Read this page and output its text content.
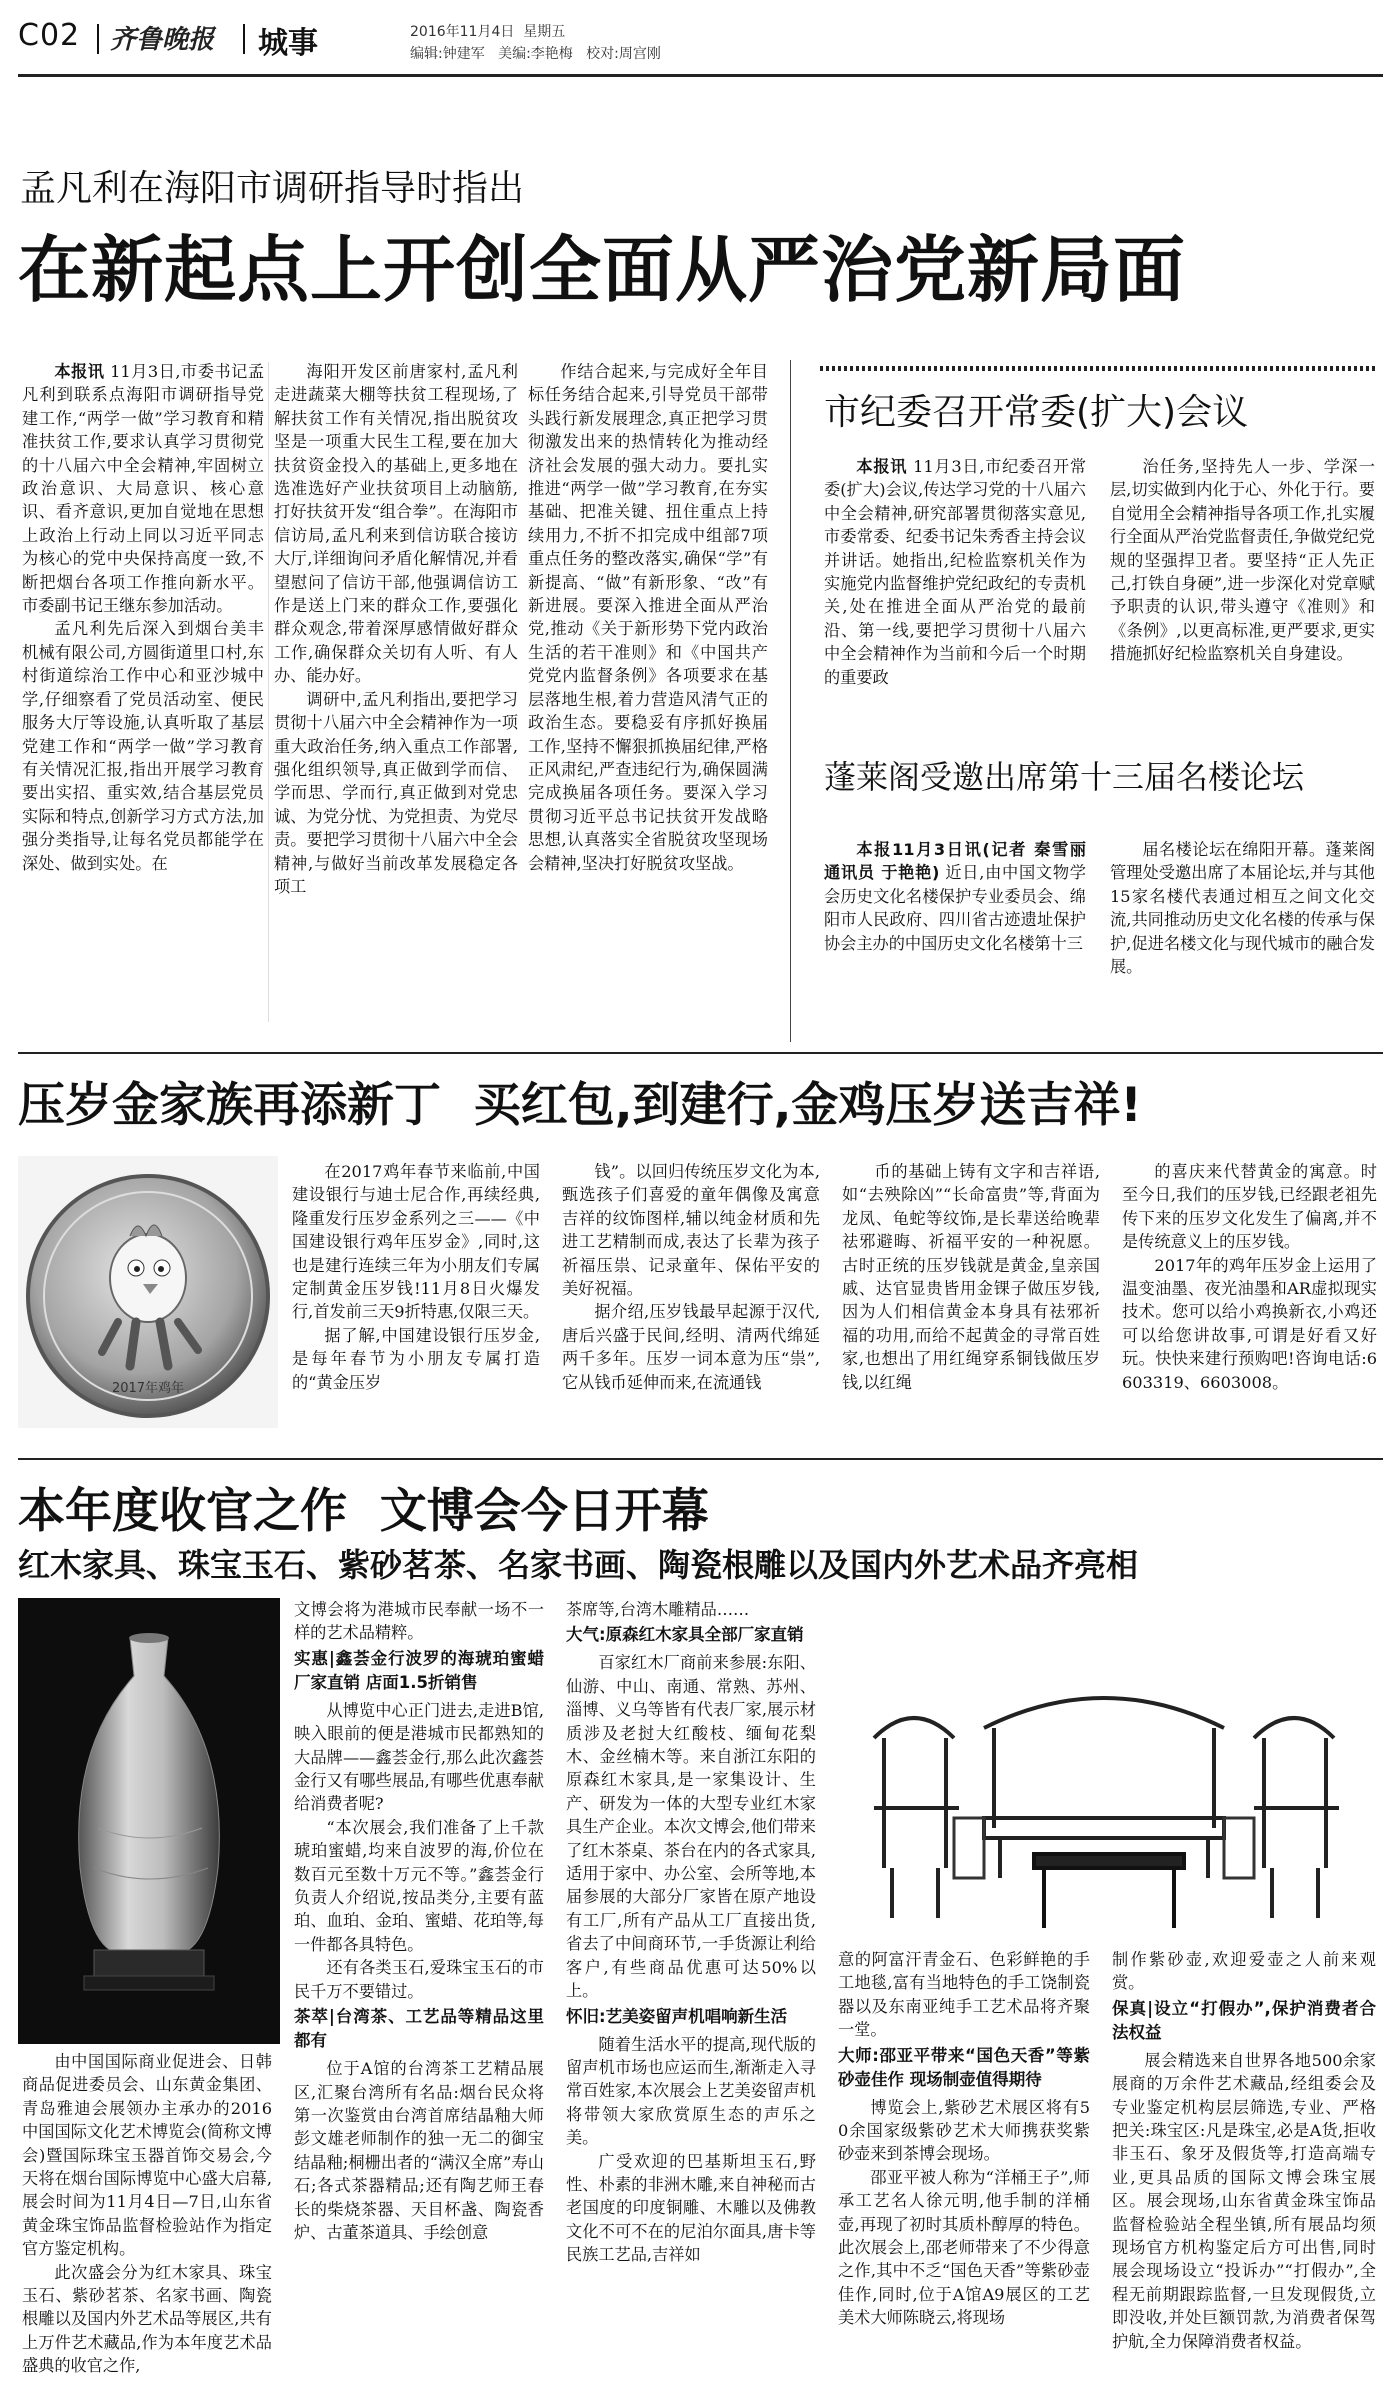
C02 齐鲁晚报 城事	2016年11月4日  星期五
编辑:钟建军   美编:李艳梅   校对:周宫刚
孟凡利在海阳市调研指导时指出
在新起点上开创全面从严治党新局面

本报讯 11月3日,市委书记孟凡利到联系点海阳市调研指导党建工作,“两学一做”学习教育和精准扶贫工作,要求认真学习贯彻党的十八届六中全会精神,牢固树立政治意识、大局意识、核心意识、看齐意识,更加自觉地在思想上政治上行动上同以习近平同志为核心的党中央保持高度一致,不断把烟台各项工作推向新水平。市委副书记王继东参加活动。

孟凡利先后深入到烟台美丰机械有限公司,方圆街道里口村,东村街道综治工作中心和亚沙城中学,仔细察看了党员活动室、便民服务大厅等设施,认真听取了基层党建工作和“两学一做”学习教育有关情况汇报,指出开展学习教育要出实招、重实效,结合基层党员实际和特点,创新学习方式方法,加强分类指导,让每名党员都能学在深处、做到实处。在

海阳开发区前唐家村,孟凡利走进蔬菜大棚等扶贫工程现场,了解扶贫工作有关情况,指出脱贫攻坚是一项重大民生工程,要在加大扶贫资金投入的基础上,更多地在选准选好产业扶贫项目上动脑筋,打好扶贫开发“组合拳”。在海阳市信访局,孟凡利来到信访联合接访大厅,详细询问矛盾化解情况,并看望慰问了信访干部,他强调信访工作是送上门来的群众工作,要强化群众观念,带着深厚感情做好群众工作,确保群众关切有人听、有人办、能办好。

调研中,孟凡利指出,要把学习贯彻十八届六中全会精神作为一项重大政治任务,纳入重点工作部署,强化组织领导,真正做到学而信、学而思、学而行,真正做到对党忠诚、为党分忧、为党担责、为党尽责。要把学习贯彻十八届六中全会精神,与做好当前改革发展稳定各项工

作结合起来,与完成好全年目标任务结合起来,引导党员干部带头践行新发展理念,真正把学习贯彻激发出来的热情转化为推动经济社会发展的强大动力。要扎实推进“两学一做”学习教育,在夯实基础、把准关键、扭住重点上持续用力,不折不扣完成中组部7项重点任务的整改落实,确保“学”有新提高、“做”有新形象、“改”有新进展。要深入推进全面从严治党,推动《关于新形势下党内政治生活的若干准则》和《中国共产党党内监督条例》各项要求在基层落地生根,着力营造风清气正的政治生态。要稳妥有序抓好换届工作,坚持不懈狠抓换届纪律,严格正风肃纪,严查违纪行为,确保圆满完成换届各项任务。要深入学习贯彻习近平总书记扶贫开发战略思想,认真落实全省脱贫攻坚现场会精神,坚决打好脱贫攻坚战。

市纪委召开常委(扩大)会议

本报讯 11月3日,市纪委召开常委(扩大)会议,传达学习党的十八届六中全会精神,研究部署贯彻落实意见,市委常委、纪委书记朱秀香主持会议并讲话。她指出,纪检监察机关作为实施党内监督维护党纪政纪的专责机关,处在推进全面从严治党的最前沿、第一线,要把学习贯彻十八届六中全会精神作为当前和今后一个时期的重要政

治任务,坚持先人一步、学深一层,切实做到内化于心、外化于行。要自觉用全会精神指导各项工作,扎实履行全面从严治党监督责任,争做党纪党规的坚强捍卫者。要坚持“正人先正己,打铁自身硬”,进一步深化对党章赋予职责的认识,带头遵守《准则》和《条例》,以更高标准,更严要求,更实措施抓好纪检监察机关自身建设。

蓬莱阁受邀出席第十三届名楼论坛

本报11月3日讯(记者 秦雪丽 通讯员 于艳艳) 近日,由中国文物学会历史文化名楼保护专业委员会、绵阳市人民政府、四川省古迹遗址保护协会主办的中国历史文化名楼第十三

届名楼论坛在绵阳开幕。蓬莱阁管理处受邀出席了本届论坛,并与其他15家名楼代表通过相互之间文化交流,共同推动历史文化名楼的传承与保护,促进名楼文化与现代城市的融合发展。

压岁金家族再添新丁  买红包,到建行,金鸡压岁送吉祥!
2017年鸡年

在2017鸡年春节来临前,中国建设银行与迪士尼合作,再续经典,隆重发行压岁金系列之三——《中国建设银行鸡年压岁金》,同时,这也是建行连续三年为小朋友们专属定制黄金压岁钱!11月8日火爆发行,首发前三天9折特惠,仅限三天。

据了解,中国建设银行压岁金,是每年春节为小朋友专属打造的“黄金压岁

钱”。以回归传统压岁文化为本,甄选孩子们喜爱的童年偶像及寓意吉祥的纹饰图样,辅以纯金材质和先进工艺精制而成,表达了长辈为孩子祈福压祟、记录童年、保佑平安的美好祝福。

据介绍,压岁钱最早起源于汉代,唐后兴盛于民间,经明、清两代绵延两千多年。压岁一词本意为压“祟”,它从钱币延伸而来,在流通钱

币的基础上铸有文字和吉祥语,如“去殃除凶”“长命富贵”等,背面为龙凤、龟蛇等纹饰,是长辈送给晚辈祛邪避晦、祈福平安的一种祝愿。古时正统的压岁钱就是黄金,皇亲国戚、达官显贵皆用金锞子做压岁钱,因为人们相信黄金本身具有祛邪祈福的功用,而给不起黄金的寻常百姓家,也想出了用红绳穿系铜钱做压岁钱,以红绳

的喜庆来代替黄金的寓意。时至今日,我们的压岁钱,已经跟老祖先传下来的压岁文化发生了偏离,并不是传统意义上的压岁钱。

2017年的鸡年压岁金上运用了温变油墨、夜光油墨和AR虚拟现实技术。您可以给小鸡换新衣,小鸡还可以给您讲故事,可谓是好看又好玩。快快来建行预购吧!咨询电话:6603319、6603008。

本年度收官之作  文博会今日开幕
红木家具、珠宝玉石、紫砂茗茶、名家书画、陶瓷根雕以及国内外艺术品齐亮相

由中国国际商业促进会、日韩商品促进委员会、山东黄金集团、青岛雅迪会展领办主承办的2016中国国际文化艺术博览会(简称文博会)暨国际珠宝玉器首饰交易会,今天将在烟台国际博览中心盛大启幕,展会时间为11月4日—7日,山东省黄金珠宝饰品监督检验站作为指定官方鉴定机构。

此次盛会分为红木家具、珠宝玉石、紫砂茗茶、名家书画、陶瓷根雕以及国内外艺术品等展区,共有上万件艺术藏品,作为本年度艺术品盛典的收官之作,

文博会将为港城市民奉献一场不一样的艺术品精粹。

实惠|鑫荟金行波罗的海琥珀蜜蜡厂家直销 店面1.5折销售

从博览中心正门进去,走进B馆,映入眼前的便是港城市民都熟知的大品牌——鑫荟金行,那么此次鑫荟金行又有哪些展品,有哪些优惠奉献给消费者呢?

“本次展会,我们准备了上千款琥珀蜜蜡,均来自波罗的海,价位在数百元至数十万元不等。”鑫荟金行负责人介绍说,按品类分,主要有蓝珀、血珀、金珀、蜜蜡、花珀等,每一件都各具特色。

还有各类玉石,爱珠宝玉石的市民千万不要错过。

茶萃|台湾茶、工艺品等精品这里都有

位于A馆的台湾茶工艺精品展区,汇聚台湾所有名品:烟台民众将第一次鉴赏由台湾首席结晶釉大师彭文雄老师制作的独一无二的御宝结晶釉;桐栅出者的“满汉全席”寿山石;各式茶器精品;还有陶艺师王春长的柴烧茶器、天目杯盏、陶瓷香炉、古董茶道具、手绘创意

茶席等,台湾木雕精品……

大气:原森红木家具全部厂家直销

百家红木厂商前来参展:东阳、仙游、中山、南通、常熟、苏州、淄博、义乌等皆有代表厂家,展示材质涉及老挝大红酸枝、缅甸花梨木、金丝楠木等。来自浙江东阳的原森红木家具,是一家集设计、生产、研发为一体的大型专业红木家具生产企业。本次文博会,他们带来了红木茶桌、茶台在内的各式家具,适用于家中、办公室、会所等地,本届参展的大部分厂家皆在原产地设有工厂,所有产品从工厂直接出货,省去了中间商环节,一手货源让利给客户,有些商品优惠可达50%以上。

怀旧:艺美姿留声机唱响新生活

随着生活水平的提高,现代版的留声机市场也应运而生,渐渐走入寻常百姓家,本次展会上艺美姿留声机将带领大家欣赏原生态的声乐之美。

广受欢迎的巴基斯坦玉石,野性、朴素的非洲木雕,来自神秘而古老国度的印度铜雕、木雕以及佛教文化不可不在的尼泊尔面具,唐卡等民族工艺品,吉祥如

意的阿富汗青金石、色彩鲜艳的手工地毯,富有当地特色的手工饶制瓷器以及东南亚纯手工艺术品将齐聚一堂。

大师:邵亚平带来“国色天香”等紫砂壶佳作 现场制壶值得期待

博览会上,紫砂艺术展区将有50余国家级紫砂艺术大师携获奖紫砂壶来到茶博会现场。

邵亚平被人称为“洋桶王子”,师承工艺名人徐元明,他手制的洋桶壶,再现了初时其质朴醇厚的特色。此次展会上,邵老师带来了不少得意之作,其中不乏“国色天香”等紫砂壶佳作,同时,位于A馆A9展区的工艺美术大师陈晓云,将现场

制作紫砂壶,欢迎爱壶之人前来观赏。

保真|设立“打假办”,保护消费者合法权益

展会精选来自世界各地500余家展商的万余件艺术藏品,经组委会及专业鉴定机构层层筛选,专业、严格把关:珠宝区:凡是珠宝,必是A货,拒收非玉石、象牙及假货等,打造高端专业,更具品质的国际文博会珠宝展区。展会现场,山东省黄金珠宝饰品监督检验站全程坐镇,所有展品均须现场官方机构鉴定后方可出售,同时展会现场设立“投诉办”“打假办”,全程无前期跟踪监督,一旦发现假货,立即没收,并处巨额罚款,为消费者保驾护航,全力保障消费者权益。
